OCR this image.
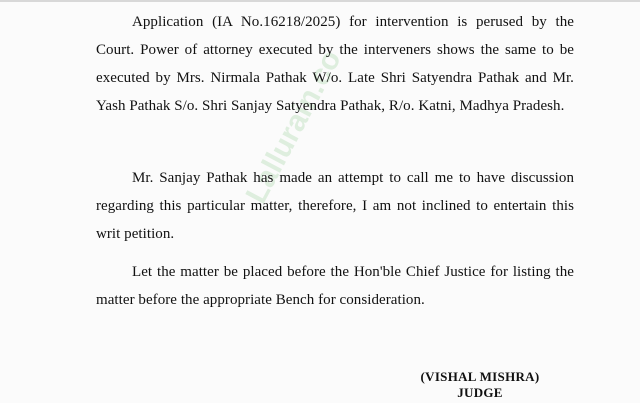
Lallurain.co

Application (IA No.16218/2025) for intervention is perused by the Court. Power of attorney executed by the interveners shows the same to be executed by Mrs. Nirmala Pathak W/o. Late Shri Satyendra Pathak and Mr. Yash Pathak S/o. Shri Sanjay Satyendra Pathak, R/o. Katni, Madhya Pradesh.

Mr. Sanjay Pathak has made an attempt to call me to have discussion regarding this particular matter, therefore, I am not inclined to entertain this writ petition.

Let the matter be placed before the Hon'ble Chief Justice for listing the matter before the appropriate Bench for consideration.

(VISHAL MISHRA)
JUDGE
